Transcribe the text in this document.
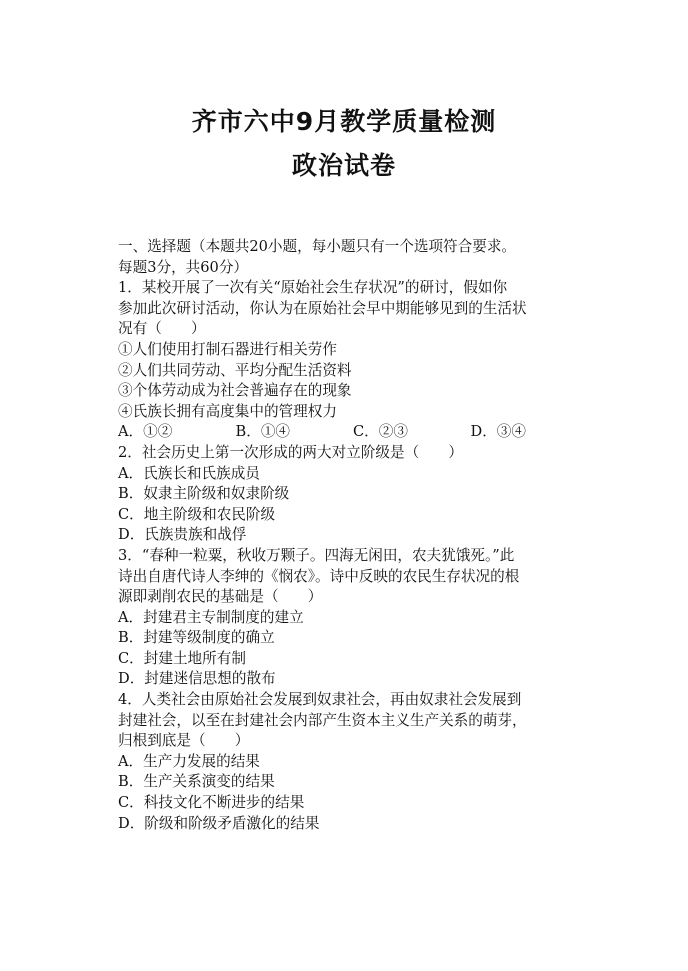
齐市六中9月教学质量检测
政治试卷
一、选择题（本题共20小题，每小题只有一个选项符合要求。
每题3分，共60分）
1．某校开展了一次有关“原始社会生存状况”的研讨，假如你
参加此次研讨活动，你认为在原始社会早中期能够见到的生活状
况有（　　）
①人们使用打制石器进行相关劳作
②人们共同劳动、平均分配生活资料
③个体劳动成为社会普遍存在的现象
④氏族长拥有高度集中的管理权力
A．①②	B．①④	C．②③	D．③④
2．社会历史上第一次形成的两大对立阶级是（　　）
A．氏族长和氏族成员
B．奴隶主阶级和奴隶阶级
C．地主阶级和农民阶级
D．氏族贵族和战俘
3．“春种一粒粟，秋收万颗子。四海无闲田，农夫犹饿死。”此
诗出自唐代诗人李绅的《悯农》。诗中反映的农民生存状况的根
源即剥削农民的基础是（　　）
A．封建君主专制制度的建立
B．封建等级制度的确立
C．封建土地所有制
D．封建迷信思想的散布
4．人类社会由原始社会发展到奴隶社会，再由奴隶社会发展到
封建社会，以至在封建社会内部产生资本主义生产关系的萌芽，
归根到底是（　　）
A．生产力发展的结果
B．生产关系演变的结果
C．科技文化不断进步的结果
D．阶级和阶级矛盾激化的结果
